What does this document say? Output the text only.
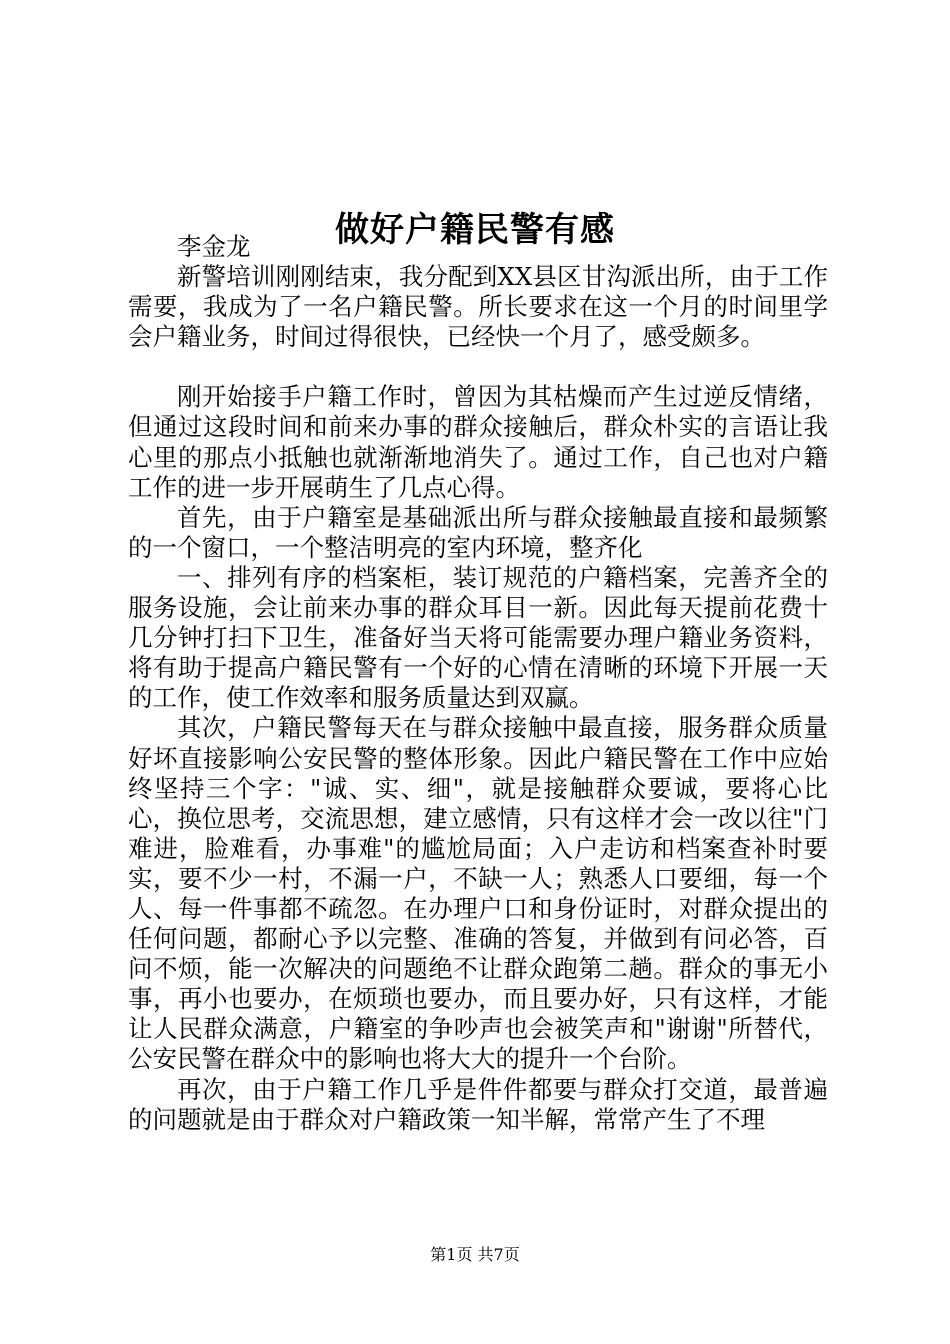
做好户籍民警有感

李金龙

新警培训刚刚结束，我分配到XX县区甘沟派出所，由于工作需要，我成为了一名户籍民警。所长要求在这一个月的时间里学会户籍业务，时间过得很快，已经快一个月了，感受颇多。

刚开始接手户籍工作时，曾因为其枯燥而产生过逆反情绪，但通过这段时间和前来办事的群众接触后，群众朴实的言语让我心里的那点小抵触也就渐渐地消失了。通过工作，自己也对户籍工作的进一步开展萌生了几点心得。

首先，由于户籍室是基础派出所与群众接触最直接和最频繁的一个窗口，一个整洁明亮的室内环境，整齐化

一、排列有序的档案柜，装订规范的户籍档案，完善齐全的服务设施，会让前来办事的群众耳目一新。因此每天提前花费十几分钟打扫下卫生，准备好当天将可能需要办理户籍业务资料，将有助于提高户籍民警有一个好的心情在清晰的环境下开展一天的工作，使工作效率和服务质量达到双赢。

其次，户籍民警每天在与群众接触中最直接，服务群众质量好坏直接影响公安民警的整体形象。因此户籍民警在工作中应始终坚持三个字："诚、实、细"，就是接触群众要诚，要将心比心，换位思考，交流思想，建立感情，只有这样才会一改以往"门难进，脸难看，办事难"的尴尬局面；入户走访和档案查补时要实，要不少一村，不漏一户，不缺一人；熟悉人口要细，每一个人、每一件事都不疏忽。在办理户口和身份证时，对群众提出的任何问题，都耐心予以完整、准确的答复，并做到有问必答，百问不烦，能一次解决的问题绝不让群众跑第二趟。群众的事无小事，再小也要办，在烦琐也要办，而且要办好，只有这样，才能让人民群众满意，户籍室的争吵声也会被笑声和"谢谢"所替代，公安民警在群众中的影响也将大大的提升一个台阶。

再次，由于户籍工作几乎是件件都要与群众打交道，最普遍的问题就是由于群众对户籍政策一知半解，常常产生了不理

第1页 共7页
